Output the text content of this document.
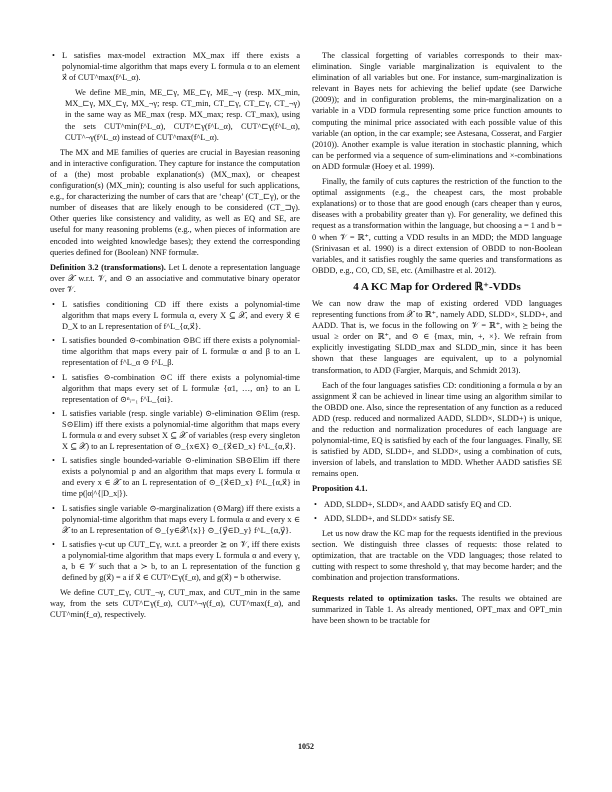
• L satisfies max-model extraction MX_max iff there exists a polynomial-time algorithm that maps every L formula α to an element x⃗ of CUT^max(f^L_α).

We define ME_min, ME_⊏γ, ME_⊏γ, ME_¬γ (resp. MX_min, MX_⊏γ, MX_⊏γ, MX_¬γ; resp. CT_min, CT_⊏γ, CT_⊏γ, CT_¬γ) in the same way as ME_max (resp. MX_max; resp. CT_max), using the sets CUT^min(f^L_α), CUT^⊏γ(f^L_α), CUT^⊏γ(f^L_α), CUT^¬γ(f^L_α) instead of CUT^max(f^L_α).

The MX and ME families of queries are crucial in Bayesian reasoning and in interactive configuration. They capture for instance the computation of a (the) most probable explanation(s) (MX_max), or cheapest configuration(s) (MX_min); counting is also useful for such applications, e.g., for characterizing the number of cars that are ‘cheap’ (CT_⊏γ), or the number of diseases that are likely enough to be considered (CT_⊐γ). Other queries like consistency and validity, as well as EQ and SE, are useful for many reasoning problems (e.g., when pieces of information are encoded into weighted knowledge bases); they extend the corresponding queries defined for (Boolean) NNF formulæ.

Definition 3.2 (transformations). Let L denote a representation language over 𝒳 w.r.t. 𝒱, and ⊙ an associative and commutative binary operator over 𝒱.

• L satisfies conditioning CD iff there exists a polynomial-time algorithm that maps every L formula α, every X ⊆ 𝒳, and every x⃗ ∈ D_X to an L representation of f^L_{α,x⃗}.
• L satisfies bounded ⊙-combination ⊙BC iff there exists a polynomial-time algorithm that maps every pair of L formulæ α and β to an L representation of f^L_α ⊙ f^L_β.
• L satisfies ⊙-combination ⊙C iff there exists a polynomial-time algorithm that maps every set of L formulæ {α1, …, αn} to an L representation of ⊙ⁿᵢ₌₁ f^L_{αi}.
• L satisfies variable (resp. single variable) ⊙-elimination ⊙Elim (resp. S⊙Elim) iff there exists a polynomial-time algorithm that maps every L formula α and every subset X ⊆ 𝒳 of variables (resp every singleton X ⊆ 𝒳) to an L representation of ⊙_{x∈X} ⊙_{x⃗∈D_x} f^L_{α,x⃗}.
• L satisfies single bounded-variable ⊙-elimination SB⊙Elim iff there exists a polynomial p and an algorithm that maps every L formula α and every x ∈ 𝒳 to an L representation of ⊙_{x⃗∈D_x} f^L_{α,x⃗} in time p(|α|^{|D_x|}).
• L satisfies single variable ⊙-marginalization (⊙Marg) iff there exists a polynomial-time algorithm that maps every L formula α and every x ∈ 𝒳 to an L representation of ⊙_{y∈𝒳\{x}} ⊙_{y⃗∈D_y} f^L_{α,y⃗}.
• L satisfies γ-cut up CUT_⊏γ, w.r.t. a preorder ⪰ on 𝒱, iff there exists a polynomial-time algorithm that maps every L formula α and every γ, a, b ∈ 𝒱 such that a ≻ b, to an L representation of the function g defined by g(x⃗) = a if x⃗ ∈ CUT^⊏γ(f_α), and g(x⃗) = b otherwise.

We define CUT_⊏γ, CUT_¬γ, CUT_max, and CUT_min in the same way, from the sets CUT^⊏γ(f_α), CUT^¬γ(f_α), CUT^max(f_α), and CUT^min(f_α), respectively.

The classical forgetting of variables corresponds to their max-elimination. Single variable marginalization is equivalent to the elimination of all variables but one. For instance, sum-marginalization is relevant in Bayes nets for achieving the belief update (see Darwiche (2009)); and in configuration problems, the min-marginalization on a variable in a VDD formula representing some price function amounts to computing the minimal price associated with each possible value of this variable (an option, in the car example; see Astesana, Cosserat, and Fargier (2010)). Another example is value iteration in stochastic planning, which can be performed via a sequence of sum-eliminations and ×-combinations on ADD formulæ (Hoey et al. 1999).

Finally, the family of cuts captures the restriction of the function to the optimal assignments (e.g., the cheapest cars, the most probable explanations) or to those that are good enough (cars cheaper than γ euros, diseases with a probability greater than γ). For generality, we defined this request as a transformation within the language, but choosing a = 1 and b = 0 when 𝒱 = ℝ⁺, cutting a VDD results in an MDD; the MDD language (Srinivasan et al. 1990) is a direct extension of OBDD to non-Boolean variables, and it satisfies roughly the same queries and transformations as OBDD, e.g., CO, CD, SE, etc. (Amilhastre et al. 2012).

4 A KC Map for Ordered ℝ⁺-VDDs

We can now draw the map of existing ordered VDD languages representing functions from 𝒳 to ℝ⁺, namely ADD, SLDD×, SLDD+, and AADD. That is, we focus in the following on 𝒱 = ℝ⁺, with ⪰ being the usual ≥ order on ℝ⁺, and ⊙ ∈ {max, min, +, ×}. We refrain from explicitly investigating SLDD_max and SLDD_min, since it has been shown that these languages are equivalent, up to a polynomial transformation, to ADD (Fargier, Marquis, and Schmidt 2013).

Each of the four languages satisfies CD: conditioning a formula α by an assignment x⃗ can be achieved in linear time using an algorithm similar to the OBDD one. Also, since the representation of any function as a reduced ADD (resp. reduced and normalized AADD, SLDD×, SLDD+) is unique, and the reduction and normalization procedures of each language are polynomial-time, EQ is satisfied by each of the four languages. Finally, SE is satisfied by ADD, SLDD+, and SLDD×, using a combination of cuts, inversion of labels, and translation to MDD. Whether AADD satisfies SE remains open.

Proposition 4.1.

• ADD, SLDD+, SLDD×, and AADD satisfy EQ and CD.
• ADD, SLDD+, and SLDD× satisfy SE.

Let us now draw the KC map for the requests identified in the previous section. We distinguish three classes of requests: those related to optimization, that are tractable on the VDD languages; those related to cutting with respect to some threshold γ, that may become harder; and the combination and projection transformations.

Requests related to optimization tasks. The results we obtained are summarized in Table 1. As already mentioned, OPT_max and OPT_min have been shown to be tractable for

1052
